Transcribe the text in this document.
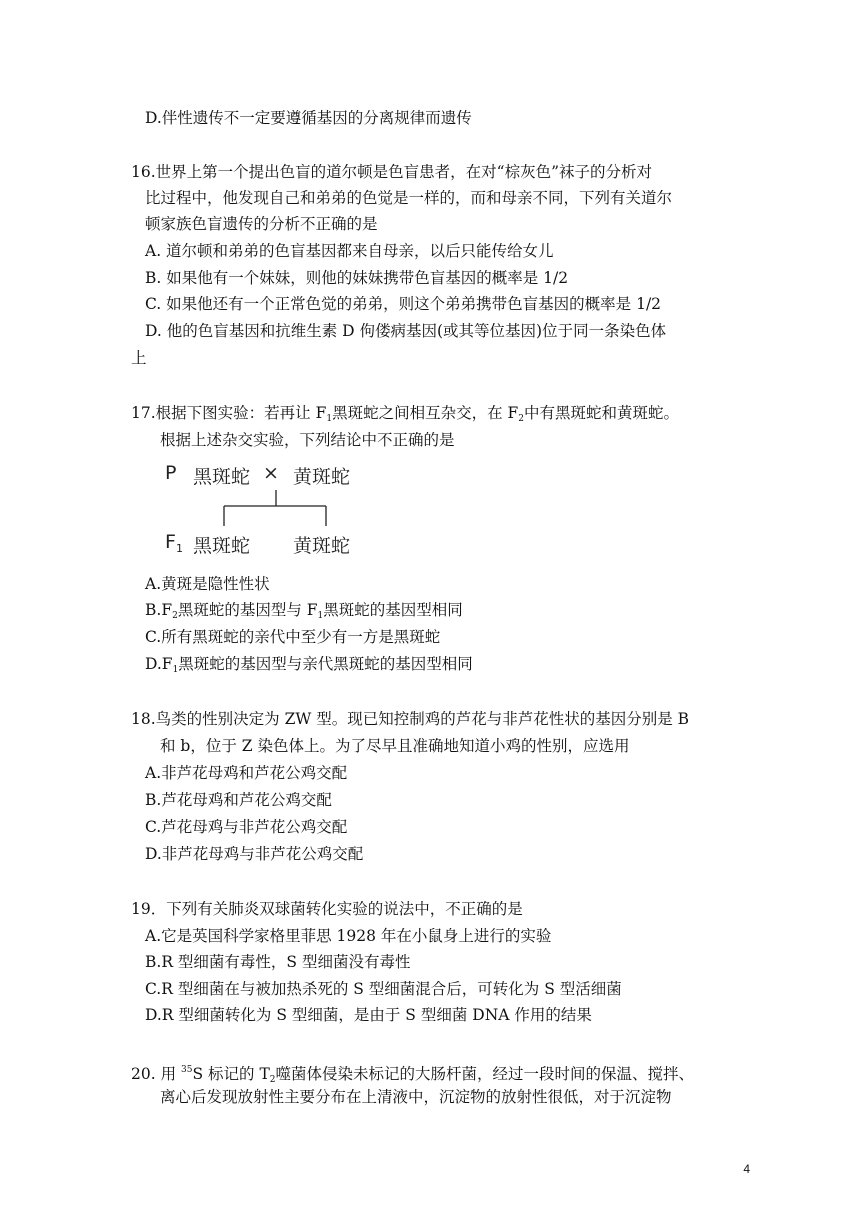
D.伴性遗传不一定要遵循基因的分离规律而遗传
16.世界上第一个提出色盲的道尔顿是色盲患者，在对“棕灰色”袜子的分析对
比过程中，他发现自己和弟弟的色觉是一样的，而和母亲不同，下列有关道尔
顿家族色盲遗传的分析不正确的是
A. 道尔顿和弟弟的色盲基因都来自母亲，以后只能传给女儿
B. 如果他有一个妹妹，则他的妹妹携带色盲基因的概率是 1/2
C. 如果他还有一个正常色觉的弟弟，则这个弟弟携带色盲基因的概率是 1/2
D. 他的色盲基因和抗维生素 D 佝偻病基因(或其等位基因)位于同一条染色体
上
17.根据下图实验：若再让 $F_1$黑斑蛇之间相互杂交，在 $F_2$中有黑斑蛇和黄斑蛇。
根据上述杂交实验，下列结论中不正确的是
P 黑斑蛇 × 黄斑蛇
$F_1$ 黑斑蛇 黄斑蛇
A.黄斑是隐性性状
$B.F_2$黑斑蛇的基因型与 $F_1$黑斑蛇的基因型相同
C.所有黑斑蛇的亲代中至少有一方是黑斑蛇
$D.F_1$黑斑蛇的基因型与亲代黑斑蛇的基因型相同
18.鸟类的性别决定为 ZW 型。现已知控制鸡的芦花与非芦花性状的基因分别是 B
和 b，位于 Z 染色体上。为了尽早且准确地知道小鸡的性别，应选用
A.非芦花母鸡和芦花公鸡交配
B.芦花母鸡和芦花公鸡交配
C.芦花母鸡与非芦花公鸡交配
D.非芦花母鸡与非芦花公鸡交配
19．下列有关肺炎双球菌转化实验的说法中，不正确的是
A.它是英国科学家格里菲思 1928 年在小鼠身上进行的实验
B.R 型细菌有毒性，S 型细菌没有毒性
C.R 型细菌在与被加热杀死的 S 型细菌混合后，可转化为 S 型活细菌
D.R 型细菌转化为 S 型细菌，是由于 S 型细菌 DNA 作用的结果
20. 用 $^{35}$S 标记的 $T_2$噬菌体侵染未标记的大肠杆菌，经过一段时间的保温、搅拌、
离心后发现放射性主要分布在上清液中，沉淀物的放射性很低，对于沉淀物
4
